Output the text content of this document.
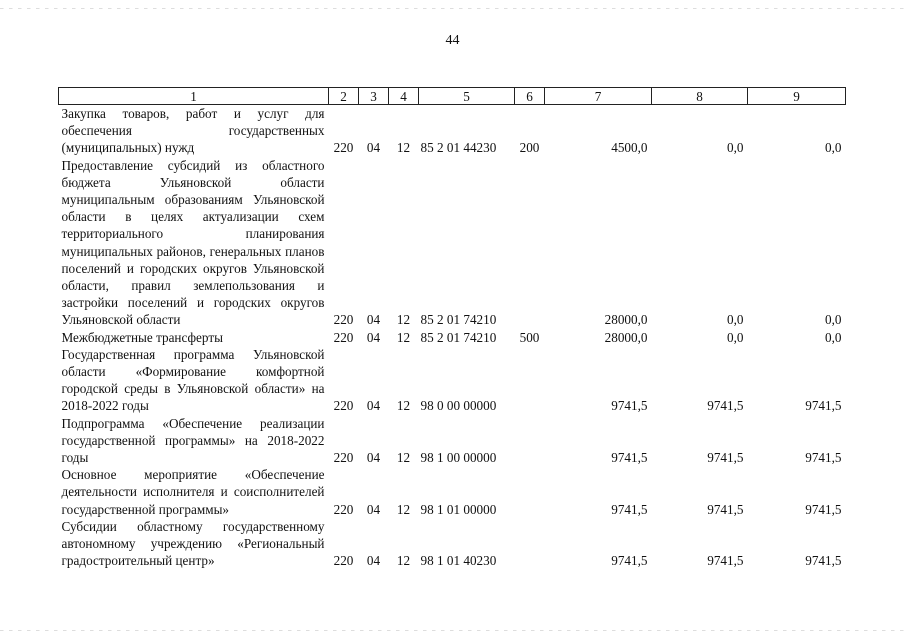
44
1	2	3	4	5	6	7	8	9
Закупка товаров, работ и услуг для обеспечения государственных (муниципальных) нужд	220	04	12	85 2 01 44230	200	4500,0	0,0	0,0
Предоставление субсидий из областного бюджета Ульяновской области муниципальным образованиям Ульяновской области в целях актуализации схем территориального планирования муниципальных районов, генеральных планов поселений и городских округов Ульяновской области, правил землепользования и застройки поселений и городских округов Ульяновской области	220	04	12	85 2 01 74210		28000,0	0,0	0,0
Межбюджетные трансферты	220	04	12	85 2 01 74210	500	28000,0	0,0	0,0
Государственная программа Ульяновской области «Формирование комфортной городской среды в Ульяновской области» на 2018-2022 годы	220	04	12	98 0 00 00000		9741,5	9741,5	9741,5
Подпрограмма «Обеспечение реализации государственной программы» на 2018-2022 годы	220	04	12	98 1 00 00000		9741,5	9741,5	9741,5
Основное мероприятие «Обеспечение деятельности исполнителя и соисполнителей государственной программы»	220	04	12	98 1 01 00000		9741,5	9741,5	9741,5
Субсидии областному государственному автономному учреждению «Региональный градостроительный центр»	220	04	12	98 1 01 40230		9741,5	9741,5	9741,5
